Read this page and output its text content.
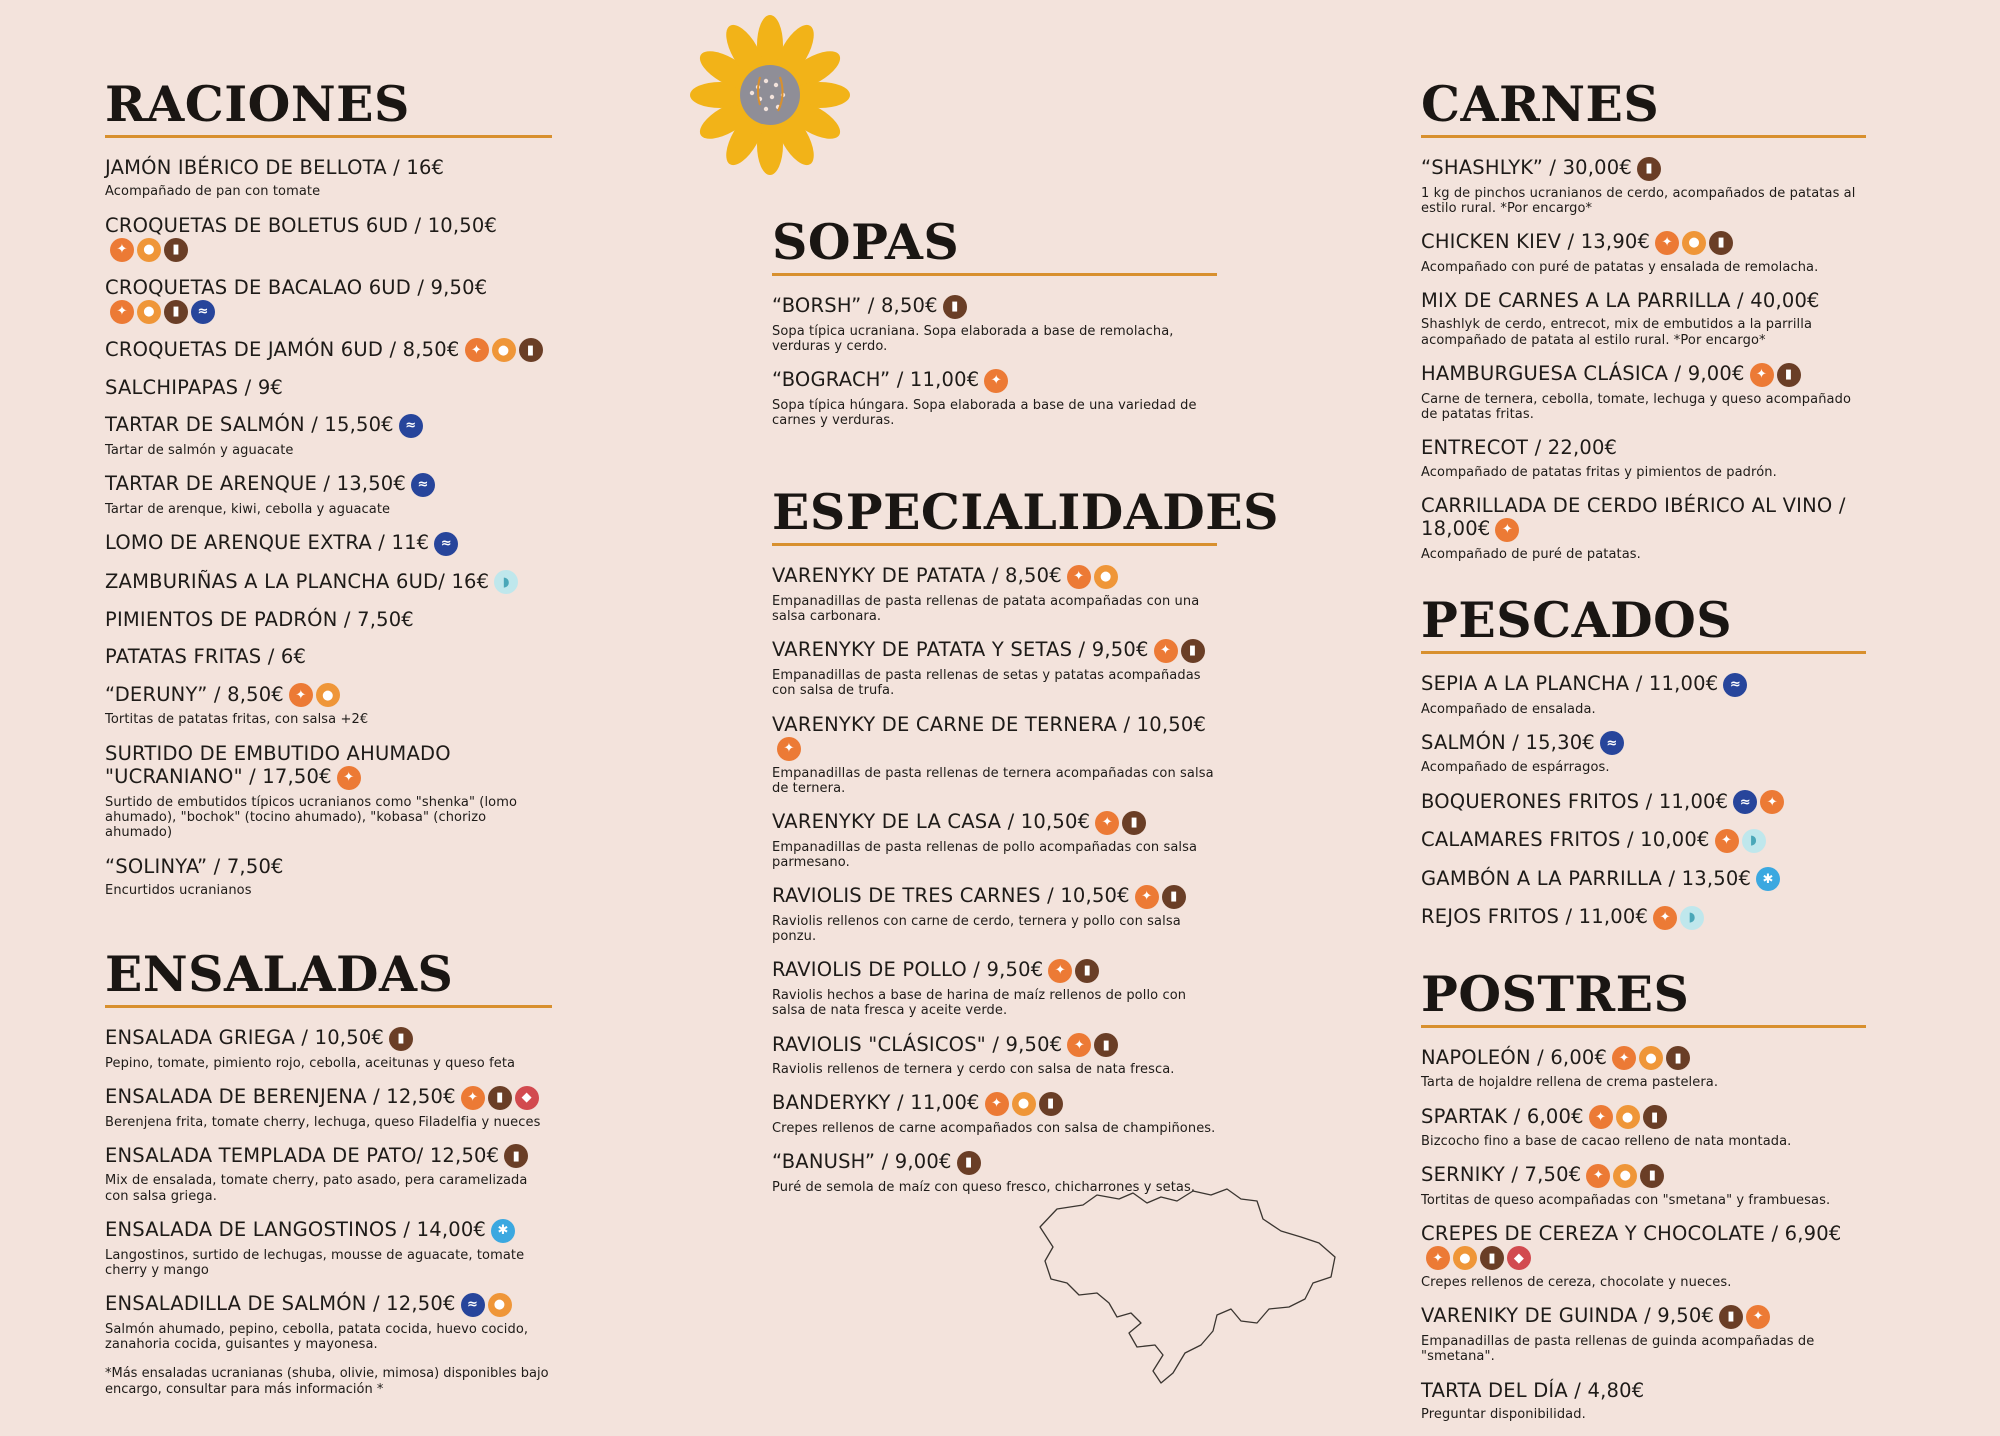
RACIONES
JAMÓN IBÉRICO DE BELLOTA / 16€
Acompañado de pan con tomate
CROQUETAS DE BOLETUS 6UD / 10,50€
✦	●	▮
CROQUETAS DE BACALAO 6UD / 9,50€
✦	●	▮	≈
CROQUETAS DE JAMÓN 6UD / 8,50€ ✦	●	▮
SALCHIPAPAS / 9€
TARTAR DE SALMÓN / 15,50€ ≈
Tartar de salmón y aguacate
TARTAR DE ARENQUE / 13,50€ ≈
Tartar de arenque, kiwi, cebolla y aguacate
LOMO DE ARENQUE EXTRA / 11€ ≈
ZAMBURIÑAS A LA PLANCHA 6UD/ 16€	◗
PIMIENTOS DE PADRÓN / 7,50€
PATATAS FRITAS / 6€
“DERUNY” / 8,50€ ✦	●
Tortitas de patatas fritas, con salsa +2€
SURTIDO DE EMBUTIDO AHUMADO "UCRANIANO" / 17,50€ ✦
Surtido de embutidos típicos ucranianos como "shenka" (lomo ahumado), "bochok" (tocino ahumado), "kobasa" (chorizo ahumado)
“SOLINYA” / 7,50€
Encurtidos ucranianos
ENSALADAS
ENSALADA GRIEGA / 10,50€	▮
Pepino, tomate, pimiento rojo, cebolla, aceitunas y queso feta
ENSALADA DE BERENJENA / 12,50€ ✦	▮	◆
Berenjena frita, tomate cherry, lechuga, queso Filadelfia y nueces
ENSALADA TEMPLADA DE PATO/ 12,50€	▮
Mix de ensalada, tomate cherry, pato asado, pera caramelizada con salsa griega.
ENSALADA DE LANGOSTINOS / 14,00€ ✱
Langostinos, surtido de lechugas, mousse de aguacate, tomate cherry y mango
ENSALADILLA DE SALMÓN / 12,50€ ≈	●
Salmón ahumado, pepino, cebolla, patata cocida, huevo cocido, zanahoria cocida, guisantes y mayonesa.
*Más ensaladas ucranianas (shuba, olivie, mimosa) disponibles bajo encargo, consultar para más información *
SOPAS
“BORSH” / 8,50€	▮
Sopa típica ucraniana. Sopa elaborada a base de remolacha, verduras y cerdo.
“BOGRACH” / 11,00€ ✦
Sopa típica húngara. Sopa elaborada a base de una variedad de carnes y verduras.
ESPECIALIDADES
VARENYKY DE PATATA / 8,50€ ✦	●
Empanadillas de pasta rellenas de patata acompañadas con una salsa carbonara.
VARENYKY DE PATATA Y SETAS / 9,50€ ✦	▮
Empanadillas de pasta rellenas de setas y patatas acompañadas con salsa de trufa.
VARENYKY DE CARNE DE TERNERA / 10,50€
✦
Empanadillas de pasta rellenas de ternera acompañadas con salsa de ternera.
VARENYKY DE LA CASA / 10,50€ ✦	▮
Empanadillas de pasta rellenas de pollo acompañadas con salsa parmesano.
RAVIOLIS DE TRES CARNES / 10,50€ ✦	▮
Raviolis rellenos con carne de cerdo, ternera y pollo con salsa ponzu.
RAVIOLIS DE POLLO / 9,50€ ✦	▮
Raviolis hechos a base de harina de maíz rellenos de pollo con salsa de nata fresca y aceite verde.
RAVIOLIS "CLÁSICOS" / 9,50€ ✦	▮
Raviolis rellenos de ternera y cerdo con salsa de nata fresca.
BANDERYKY / 11,00€ ✦	●	▮
Crepes rellenos de carne acompañados con salsa de champiñones.
“BANUSH” / 9,00€	▮
Puré de semola de maíz con queso fresco, chicharrones y setas.
CARNES
“SHASHLYK” / 30,00€	▮
1 kg de pinchos ucranianos de cerdo, acompañados de patatas al estilo rural. *Por encargo*
CHICKEN KIEV / 13,90€ ✦	●	▮
Acompañado con puré de patatas y ensalada de remolacha.
MIX DE CARNES A LA PARRILLA / 40,00€
Shashlyk de cerdo, entrecot, mix de embutidos a la parrilla acompañado de patata al estilo rural. *Por encargo*
HAMBURGUESA CLÁSICA / 9,00€ ✦	▮
Carne de ternera, cebolla, tomate, lechuga y queso acompañado de patatas fritas.
ENTRECOT / 22,00€
Acompañado de patatas fritas y pimientos de padrón.
CARRILLADA DE CERDO IBÉRICO AL VINO / 18,00€ ✦
Acompañado de puré de patatas.
PESCADOS
SEPIA A LA PLANCHA / 11,00€ ≈
Acompañado de ensalada.
SALMÓN / 15,30€ ≈
Acompañado de espárragos.
BOQUERONES FRITOS / 11,00€ ≈	✦
CALAMARES FRITOS / 10,00€ ✦	◗
GAMBÓN A LA PARRILLA / 13,50€ ✱
REJOS FRITOS / 11,00€ ✦	◗
POSTRES
NAPOLEÓN / 6,00€ ✦	●	▮
Tarta de hojaldre rellena de crema pastelera.
SPARTAK / 6,00€ ✦	●	▮
Bizcocho fino a base de cacao relleno de nata montada.
SERNIKY / 7,50€ ✦	●	▮
Tortitas de queso acompañadas con "smetana" y frambuesas.
CREPES DE CEREZA Y CHOCOLATE / 6,90€
✦	●	▮	◆
Crepes rellenos de cereza, chocolate y nueces.
VARENIKY DE GUINDA / 9,50€	▮	✦
Empanadillas de pasta rellenas de guinda acompañadas de "smetana".
TARTA DEL DÍA / 4,80€
Preguntar disponibilidad.
